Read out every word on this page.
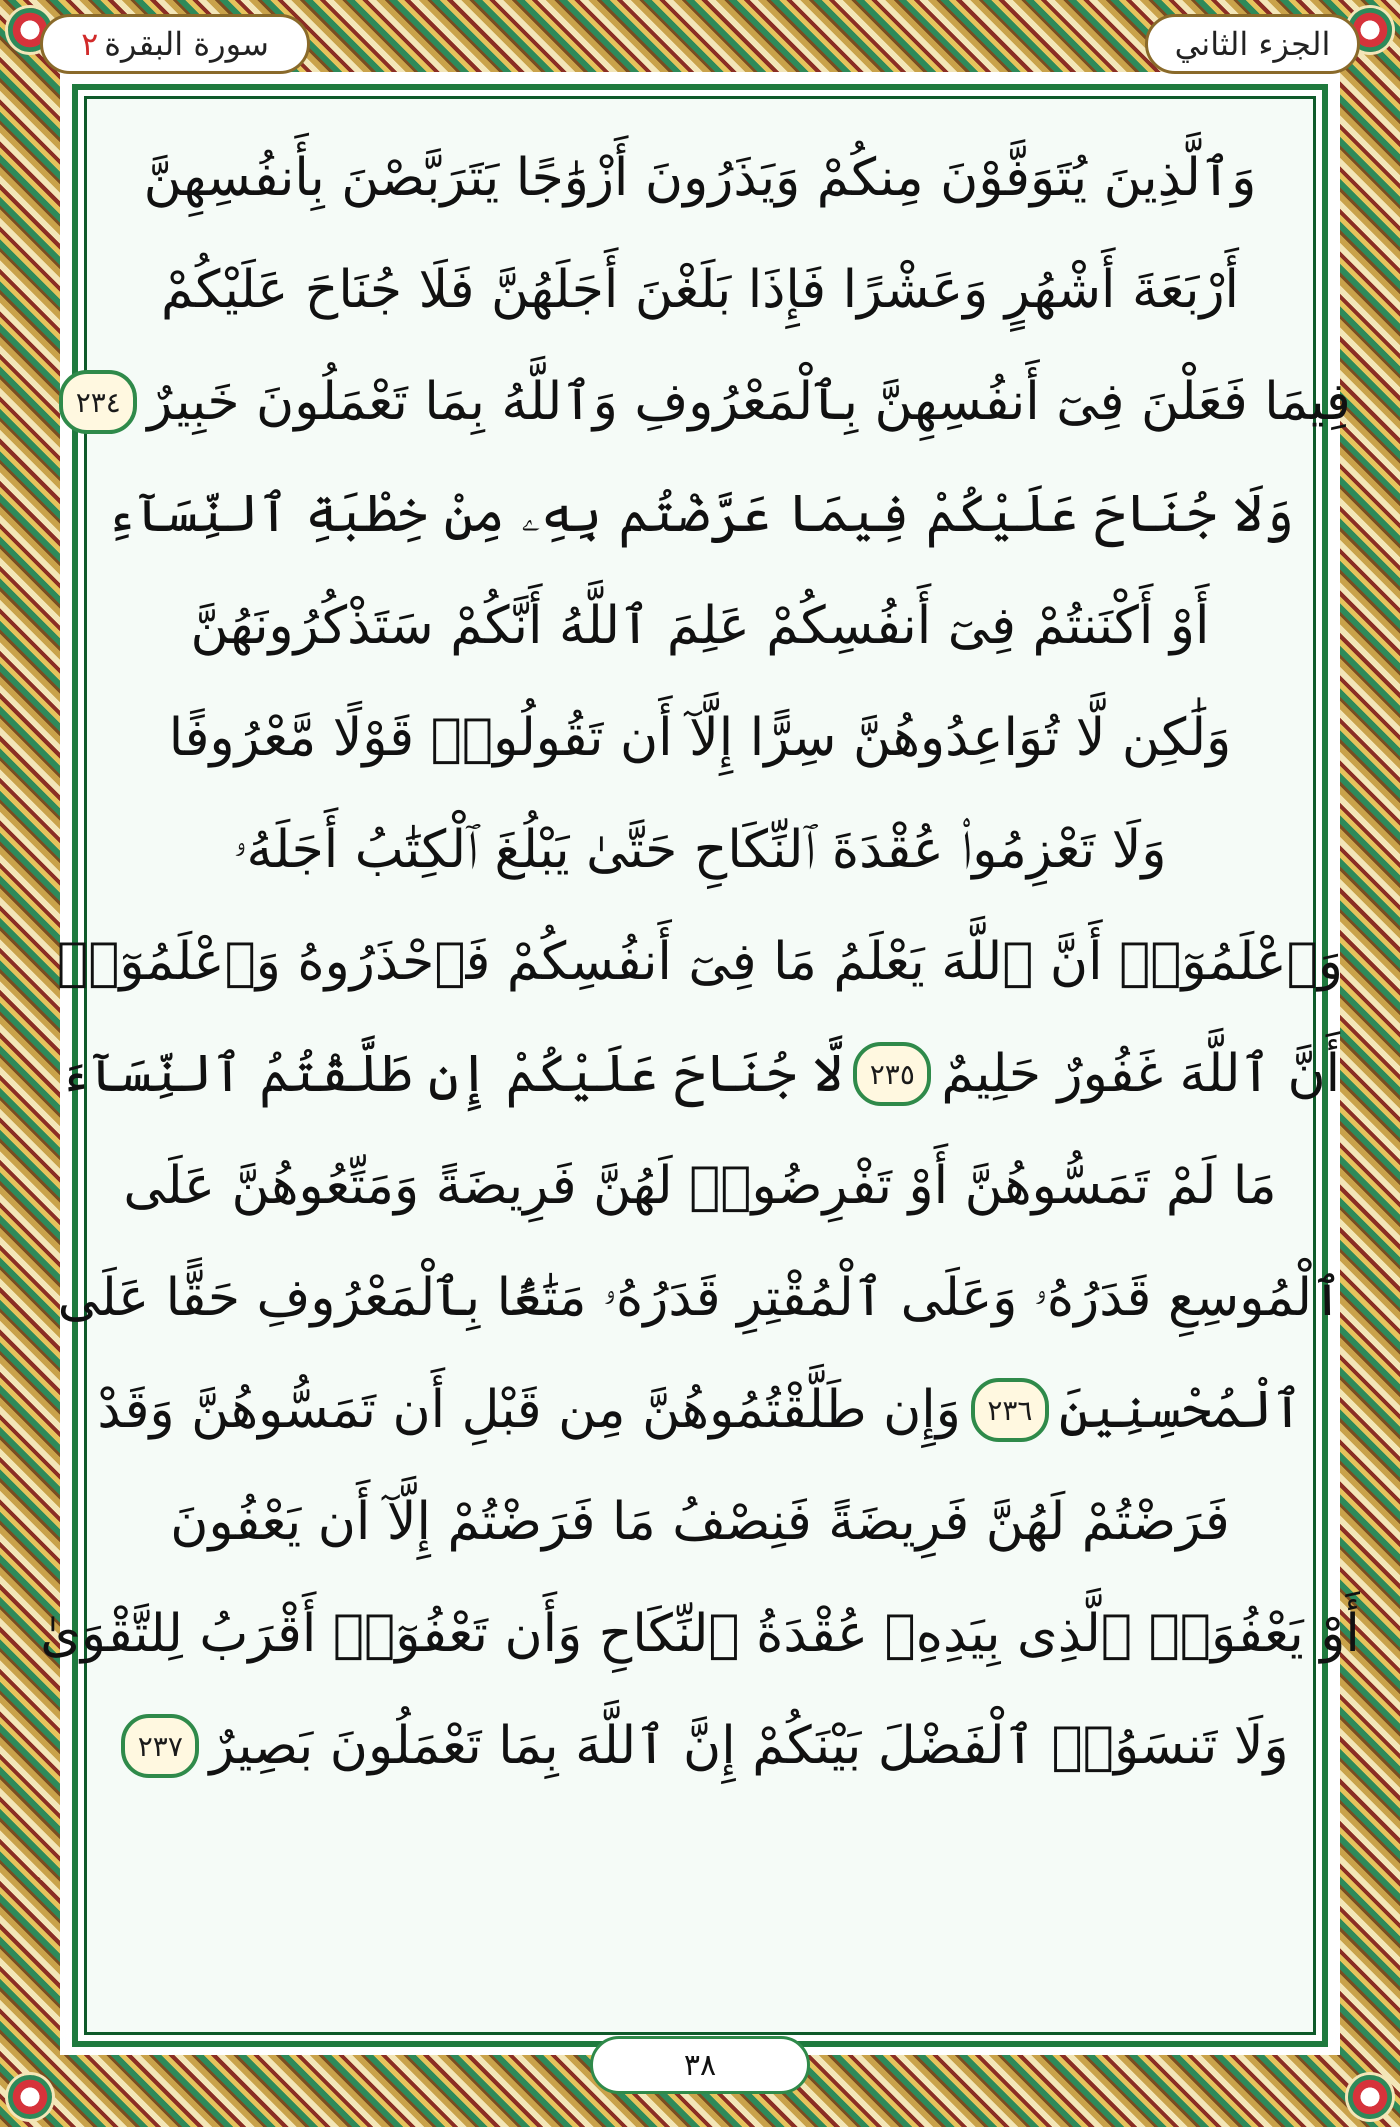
الجزء الثاني
سورة البقرة
٢
وَٱلَّذِينَ يُتَوَفَّوْنَ مِنكُمْ وَيَذَرُونَ أَزْوَٰجًا يَتَرَبَّصْنَ بِأَنفُسِهِنَّ
أَرْبَعَةَ أَشْهُرٍ وَعَشْرًا فَإِذَا بَلَغْنَ أَجَلَهُنَّ فَلَا جُنَاحَ عَلَيْكُمْ
فِيمَا فَعَلْنَ فِىٓ أَنفُسِهِنَّ بِٱلْمَعْرُوفِ وَٱللَّهُ بِمَا تَعْمَلُونَ خَبِيرٌ
٢٣٤
وَلَا جُنَاحَ عَلَيْكُمْ فِيمَا عَرَّضْتُم بِهِۦ مِنْ خِطْبَةِ ٱلنِّسَآءِ
أَوْ أَكْنَنتُمْ فِىٓ أَنفُسِكُمْ عَلِمَ ٱللَّهُ أَنَّكُمْ سَتَذْكُرُونَهُنَّ
وَلَٰكِن لَّا تُوَاعِدُوهُنَّ سِرًّا إِلَّآ أَن تَقُولُوا۟ قَوْلًا مَّعْرُوفًا
وَلَا تَعْزِمُوا۟ عُقْدَةَ ٱلنِّكَاحِ حَتَّىٰ يَبْلُغَ ٱلْكِتَٰبُ أَجَلَهُۥ
وَٱعْلَمُوٓا۟ أَنَّ ٱللَّهَ يَعْلَمُ مَا فِىٓ أَنفُسِكُمْ فَٱحْذَرُوهُ وَٱعْلَمُوٓا۟
أَنَّ ٱللَّهَ غَفُورٌ حَلِيمٌ
٢٣٥
لَّا جُنَاحَ عَلَيْكُمْ إِن طَلَّقْتُمُ ٱلنِّسَآءَ
مَا لَمْ تَمَسُّوهُنَّ أَوْ تَفْرِضُوا۟ لَهُنَّ فَرِيضَةً وَمَتِّعُوهُنَّ عَلَى
ٱلْمُوسِعِ قَدَرُهُۥ وَعَلَى ٱلْمُقْتِرِ قَدَرُهُۥ مَتَٰعًۢا بِٱلْمَعْرُوفِ حَقًّا عَلَى
ٱلْمُحْسِنِينَ
٢٣٦
وَإِن طَلَّقْتُمُوهُنَّ مِن قَبْلِ أَن تَمَسُّوهُنَّ وَقَدْ
فَرَضْتُمْ لَهُنَّ فَرِيضَةً فَنِصْفُ مَا فَرَضْتُمْ إِلَّآ أَن يَعْفُونَ
أَوْ يَعْفُوَا۟ ٱلَّذِى بِيَدِهِۦ عُقْدَةُ ٱلنِّكَاحِ وَأَن تَعْفُوٓا۟ أَقْرَبُ لِلتَّقْوَىٰ
وَلَا تَنسَوُا۟ ٱلْفَضْلَ بَيْنَكُمْ إِنَّ ٱللَّهَ بِمَا تَعْمَلُونَ بَصِيرٌ
٢٣٧
٣٨
